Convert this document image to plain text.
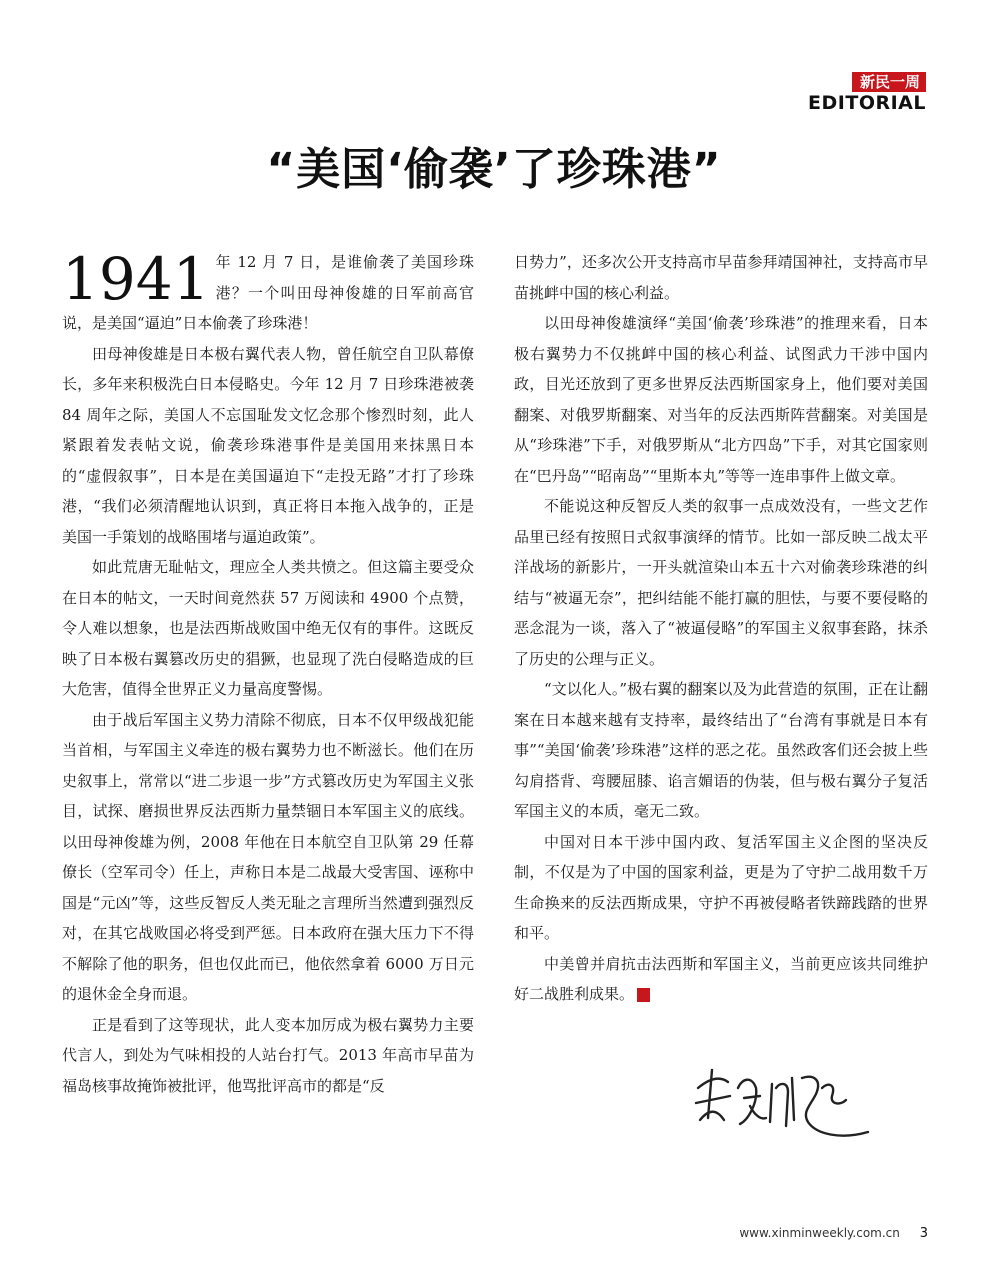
新民一周
EDITORIAL
“美国‘偷袭’了珍珠港”

1941 年 12 月 7 日，是谁偷袭了美国珍珠港？一个叫田母神俊雄的日军前高官说，是美国“逼迫”日本偷袭了珍珠港！

田母神俊雄是日本极右翼代表人物，曾任航空自卫队幕僚长，多年来积极洗白日本侵略史。今年 12 月 7 日珍珠港被袭 84 周年之际，美国人不忘国耻发文忆念那个惨烈时刻，此人紧跟着发表帖文说，偷袭珍珠港事件是美国用来抹黑日本的“虚假叙事”，日本是在美国逼迫下“走投无路”才打了珍珠港，“我们必须清醒地认识到，真正将日本拖入战争的，正是美国一手策划的战略围堵与逼迫政策”。

如此荒唐无耻帖文，理应全人类共愤之。但这篇主要受众在日本的帖文，一天时间竟然获 57 万阅读和 4900 个点赞，令人难以想象，也是法西斯战败国中绝无仅有的事件。这既反映了日本极右翼篡改历史的猖獗，也显现了洗白侵略造成的巨大危害，值得全世界正义力量高度警惕。

由于战后军国主义势力清除不彻底，日本不仅甲级战犯能当首相，与军国主义牵连的极右翼势力也不断滋长。他们在历史叙事上，常常以“进二步退一步”方式篡改历史为军国主义张目，试探、磨损世界反法西斯力量禁锢日本军国主义的底线。以田母神俊雄为例，2008 年他在日本航空自卫队第 29 任幕僚长（空军司令）任上，声称日本是二战最大受害国、诬称中国是“元凶”等，这些反智反人类无耻之言理所当然遭到强烈反对，在其它战败国必将受到严惩。日本政府在强大压力下不得不解除了他的职务，但也仅此而已，他依然拿着 6000 万日元的退休金全身而退。

正是看到了这等现状，此人变本加厉成为极右翼势力主要代言人，到处为气味相投的人站台打气。2013 年高市早苗为福岛核事故掩饰被批评，他骂批评高市的都是“反

日势力”，还多次公开支持高市早苗参拜靖国神社，支持高市早苗挑衅中国的核心利益。

以田母神俊雄演绎“美国‘偷袭’珍珠港”的推理来看，日本极右翼势力不仅挑衅中国的核心利益、试图武力干涉中国内政，目光还放到了更多世界反法西斯国家身上，他们要对美国翻案、对俄罗斯翻案、对当年的反法西斯阵营翻案。对美国是从“珍珠港”下手，对俄罗斯从“北方四岛”下手，对其它国家则在“巴丹岛”“昭南岛”“里斯本丸”等等一连串事件上做文章。

不能说这种反智反人类的叙事一点成效没有，一些文艺作品里已经有按照日式叙事演绎的情节。比如一部反映二战太平洋战场的新影片，一开头就渲染山本五十六对偷袭珍珠港的纠结与“被逼无奈”，把纠结能不能打赢的胆怯，与要不要侵略的恶念混为一谈，落入了“被逼侵略”的军国主义叙事套路，抹杀了历史的公理与正义。

“文以化人。”极右翼的翻案以及为此营造的氛围，正在让翻案在日本越来越有支持率，最终结出了“台湾有事就是日本有事”“美国‘偷袭’珍珠港”这样的恶之花。虽然政客们还会披上些勾肩搭背、弯腰屈膝、谄言媚语的伪装，但与极右翼分子复活军国主义的本质，毫无二致。

中国对日本干涉中国内政、复活军国主义企图的坚决反制，不仅是为了中国的国家利益，更是为了守护二战用数千万生命换来的反法西斯成果，守护不再被侵略者铁蹄践踏的世界和平。

中美曾并肩抗击法西斯和军国主义，当前更应该共同维护好二战胜利成果。	民

www.xinminweekly.com.cn 3
